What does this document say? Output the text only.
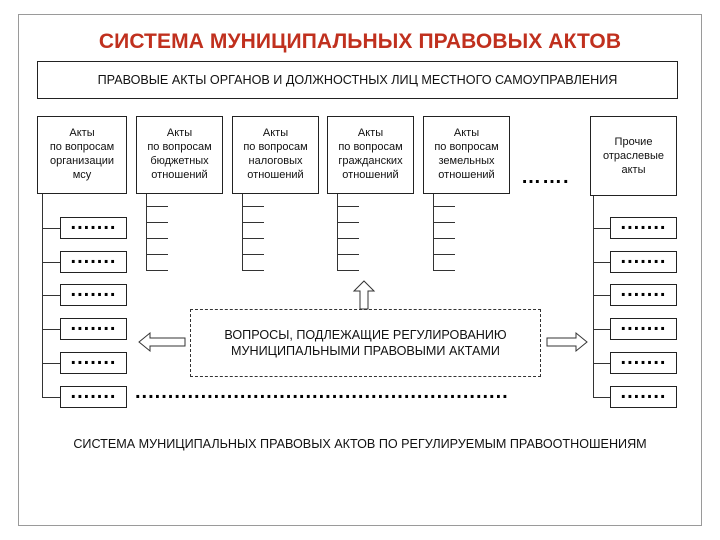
СИСТЕМА МУНИЦИПАЛЬНЫХ ПРАВОВЫХ АКТОВ
ПРАВОВЫЕ АКТЫ ОРГАНОВ И ДОЛЖНОСТНЫХ ЛИЦ МЕСТНОГО САМОУПРАВЛЕНИЯ
Акты
по вопросам
организации
мсу
Акты
по вопросам
бюджетных
отношений
Акты
по вопросам
налоговых
отношений
Акты
по вопросам
гражданских
отношений
Акты
по вопросам
земельных
отношений
Прочие
отраслевые
акты
…….
.......
.......
.......
.......
.......
.......
.......
.......
.......
.......
.......
.......
ВОПРОСЫ, ПОДЛЕЖАЩИЕ РЕГУЛИРОВАНИЮ
МУНИЦИПАЛЬНЫМИ ПРАВОВЫМИ АКТАМИ
.........................................................
СИСТЕМА МУНИЦИПАЛЬНЫХ ПРАВОВЫХ АКТОВ ПО РЕГУЛИРУЕМЫМ ПРАВООТНОШЕНИЯМ
